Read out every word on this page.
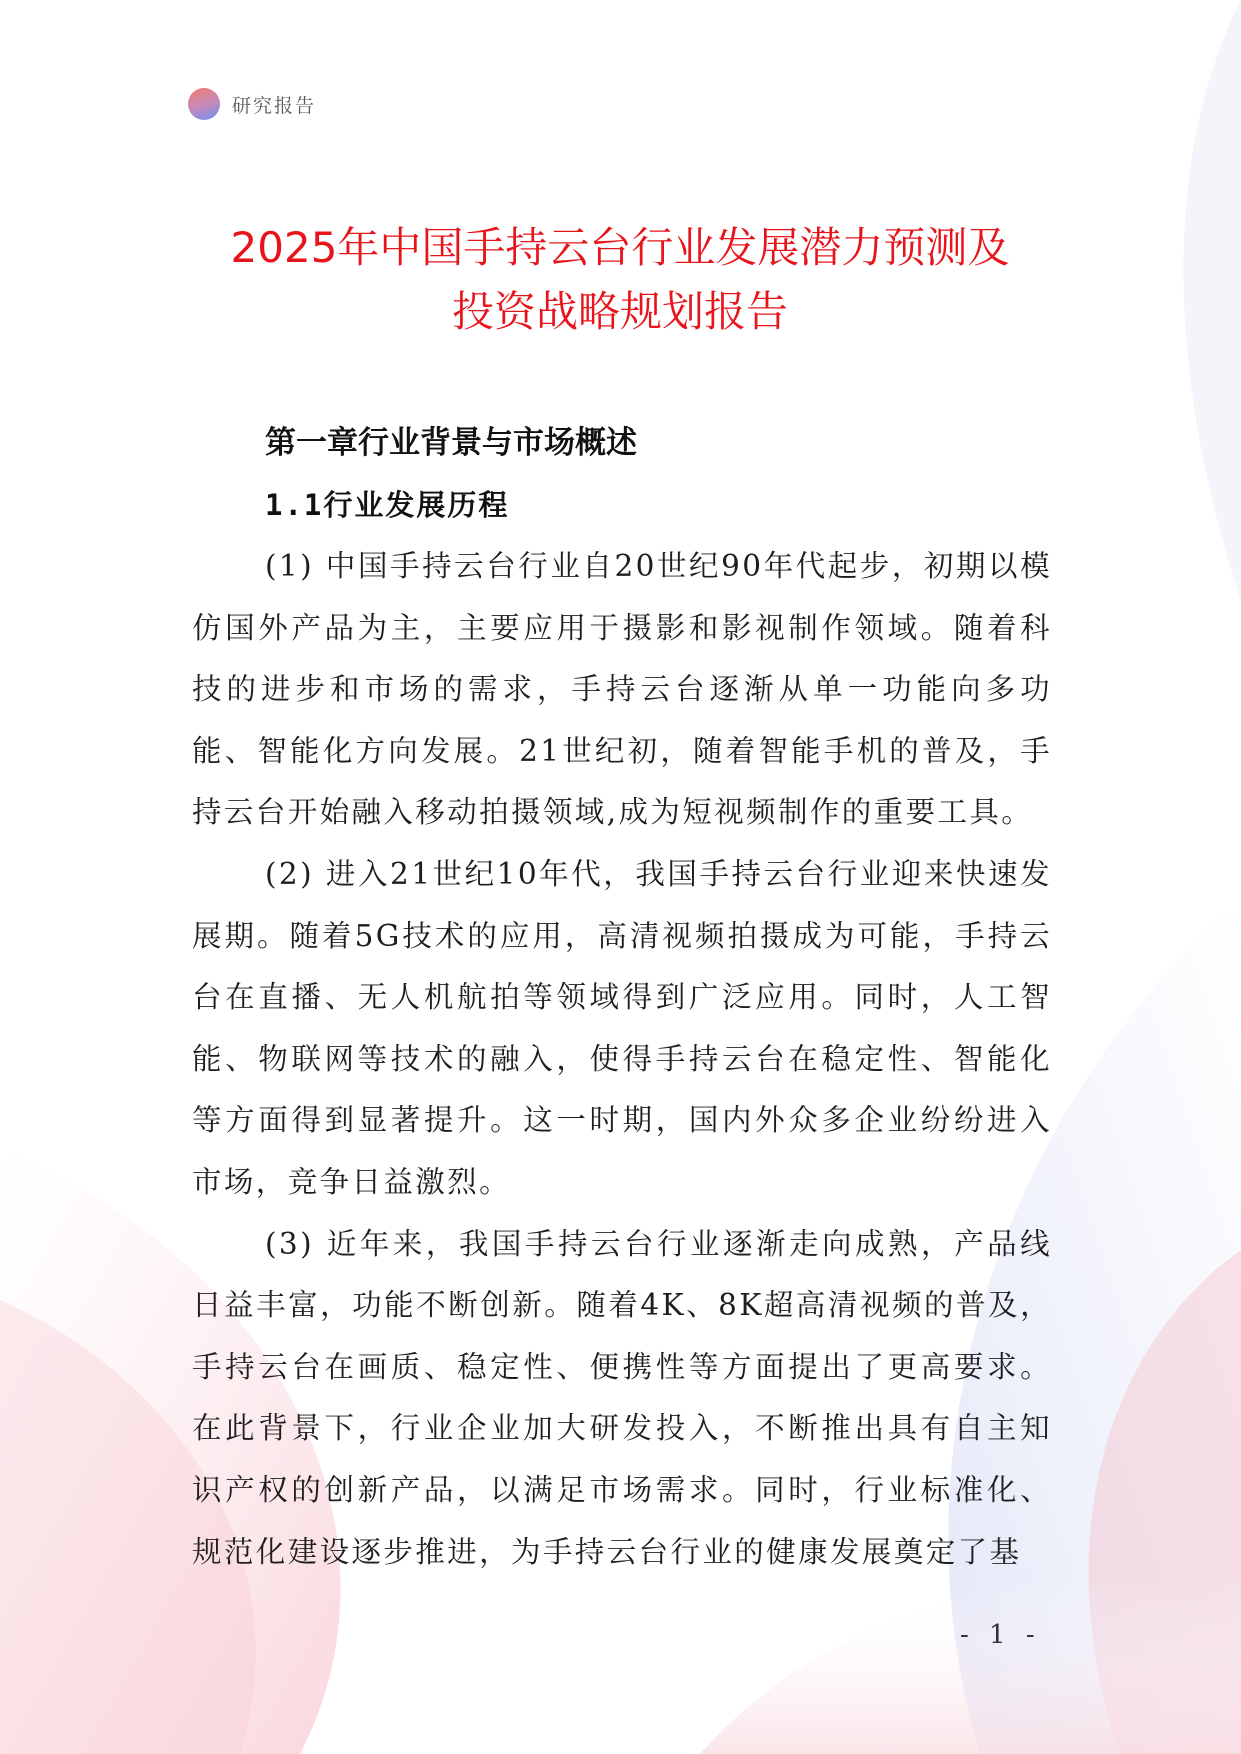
研究报告
2025年中国手持云台行业发展潜力预测及
投资战略规划报告
第一章行业背景与市场概述
1.1行业发展历程

(1) 中国手持云台行业自20世纪90年代起步，初期以模仿国外产品为主，主要应用于摄影和影视制作领域。随着科技的进步和市场的需求，手持云台逐渐从单一功能向多功能、智能化方向发展。21世纪初，随着智能手机的普及，手持云台开始融入移动拍摄领域,成为短视频制作的重要工具。

(2) 进入21世纪10年代，我国手持云台行业迎来快速发展期。随着5G技术的应用，高清视频拍摄成为可能，手持云台在直播、无人机航拍等领域得到广泛应用。同时，人工智能、物联网等技术的融入，使得手持云台在稳定性、智能化等方面得到显著提升。这一时期，国内外众多企业纷纷进入市场，竞争日益激烈。

(3) 近年来，我国手持云台行业逐渐走向成熟，产品线日益丰富，功能不断创新。随着4K、8K超高清视频的普及，手持云台在画质、稳定性、便携性等方面提出了更高要求。在此背景下，行业企业加大研发投入，不断推出具有自主知识产权的创新产品，以满足市场需求。同时，行业标准化、规范化建设逐步推进，为手持云台行业的健康发展奠定了基

- 1 -
